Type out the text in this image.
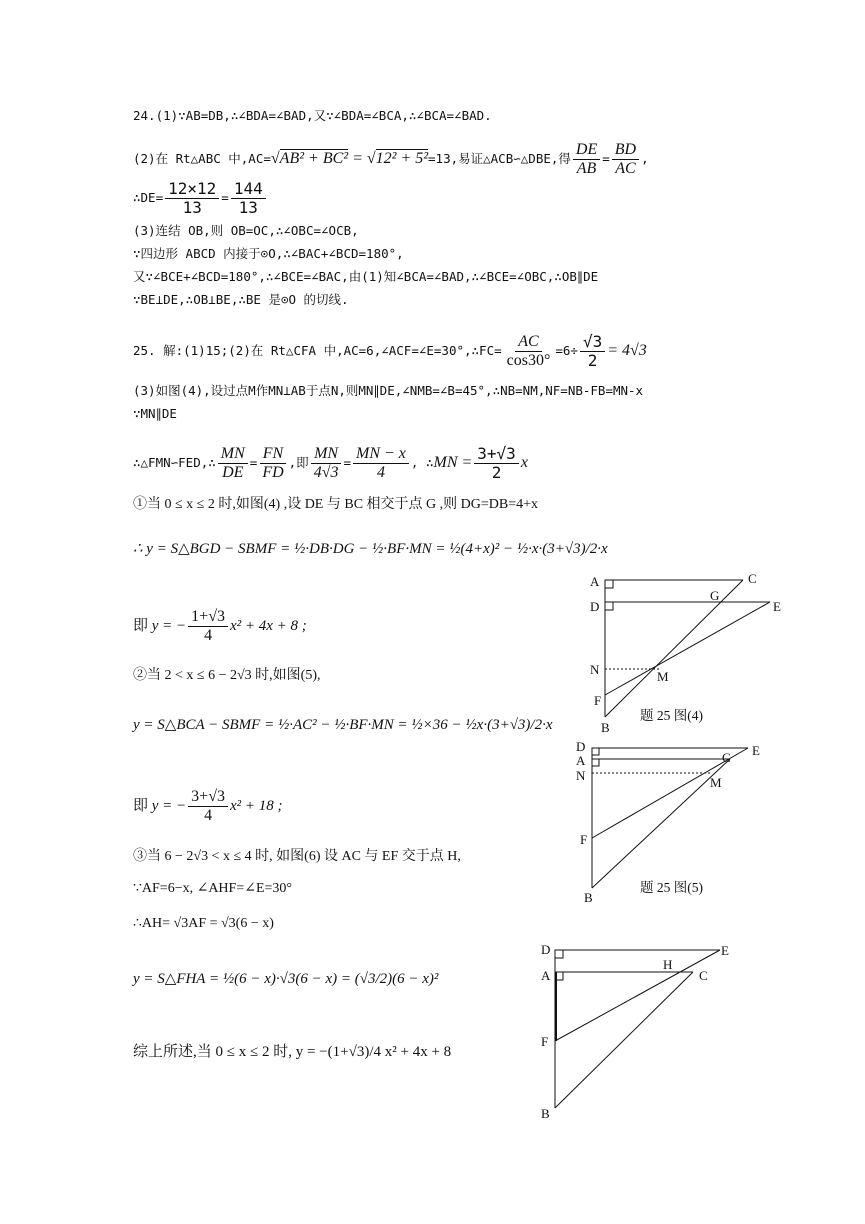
24.(1)∵AB=DB,∴∠BDA=∠BAD,又∵∠BDA=∠BCA,∴∠BCA=∠BAD.
(2)在 Rt△ABC 中,AC=√AB² + BC² = √12² + 5²=13,易证△ACB∽△DBE,得 $\frac{DE}{AB} = \frac{BD}{AC}$ ,
∴DE= $\frac{12\times 12}{13} = \frac{144}{13}$
(3)连结 OB,则 OB=OC,∴∠OBC=∠OCB,
∵四边形 ABCD 内接于⊙O,∴∠BAC+∠BCD=180°,
又∵∠BCE+∠BCD=180°,∴∠BCE=∠BAC,由(1)知∠BCA=∠BAD,∴∠BCE=∠OBC,∴OB∥DE
∵BE⊥DE,∴OB⊥BE,∴BE 是⊙O 的切线.
25. 解:(1)15;(2)在 Rt△CFA 中,AC=6,∠ACF=∠E=30°,∴FC= $\frac{AC}{\cos 30^\circ} =6\div \frac{√3}{2} = 4√3$
(3)如图(4),设过点M作MN⊥AB于点N,则MN∥DE,∠NMB=∠B=45°,∴NB=NM,NF=NB-FB=MN-x
∵MN∥DE
∴△FMN∽FED,∴ $\frac{MN}{DE} = \frac{FN}{FD}$ ,即 $\frac{MN}{4√3} = \frac{MN - x}{4}$ , ∴MN = $\frac{3+√3}{2}$ x
①当 0 ≤ x ≤ 2 时,如图(4) ,设 DE 与 BC 相交于点 G ,则 DG=DB=4+x
∴ y = S△BGD − SBMF = ½·DB·DG − ½·BF·MN = ½(4+x)² − ½·x·(3+√3)/2·x
即 y = − $\frac{1+√3}{4} x^2 + 4x + 8$ ;
②当 2 < x ≤ 6 − 2√3 时,如图(5),
y = S△BCA − SBMF = ½·AC² − ½·BF·MN = ½×36 − ½x·(3+√3)/2·x
即 y = − $\frac{3+√3}{4} x^2 + 18$ ;
③当 6 − 2√3 < x ≤ 4 时, 如图(6) 设 AC 与 EF 交于点 H,
∵AF=6−x, ∠AHF=∠E=30°
∴AH= √3AF = √3(6 − x)
y = S△FHA = ½(6 − x)·√3(6 − x) = (√3/2)(6 − x)²
综上所述,当 0 ≤ x ≤ 2 时, y = −(1+√3)/4 x² + 4x + 8
A	C
D
G
E
N	M
F
B
题 25 图(4)
D	E
A	C
N	M
F
B
题 25 图(5)
D	E
A
H
C
F
B
